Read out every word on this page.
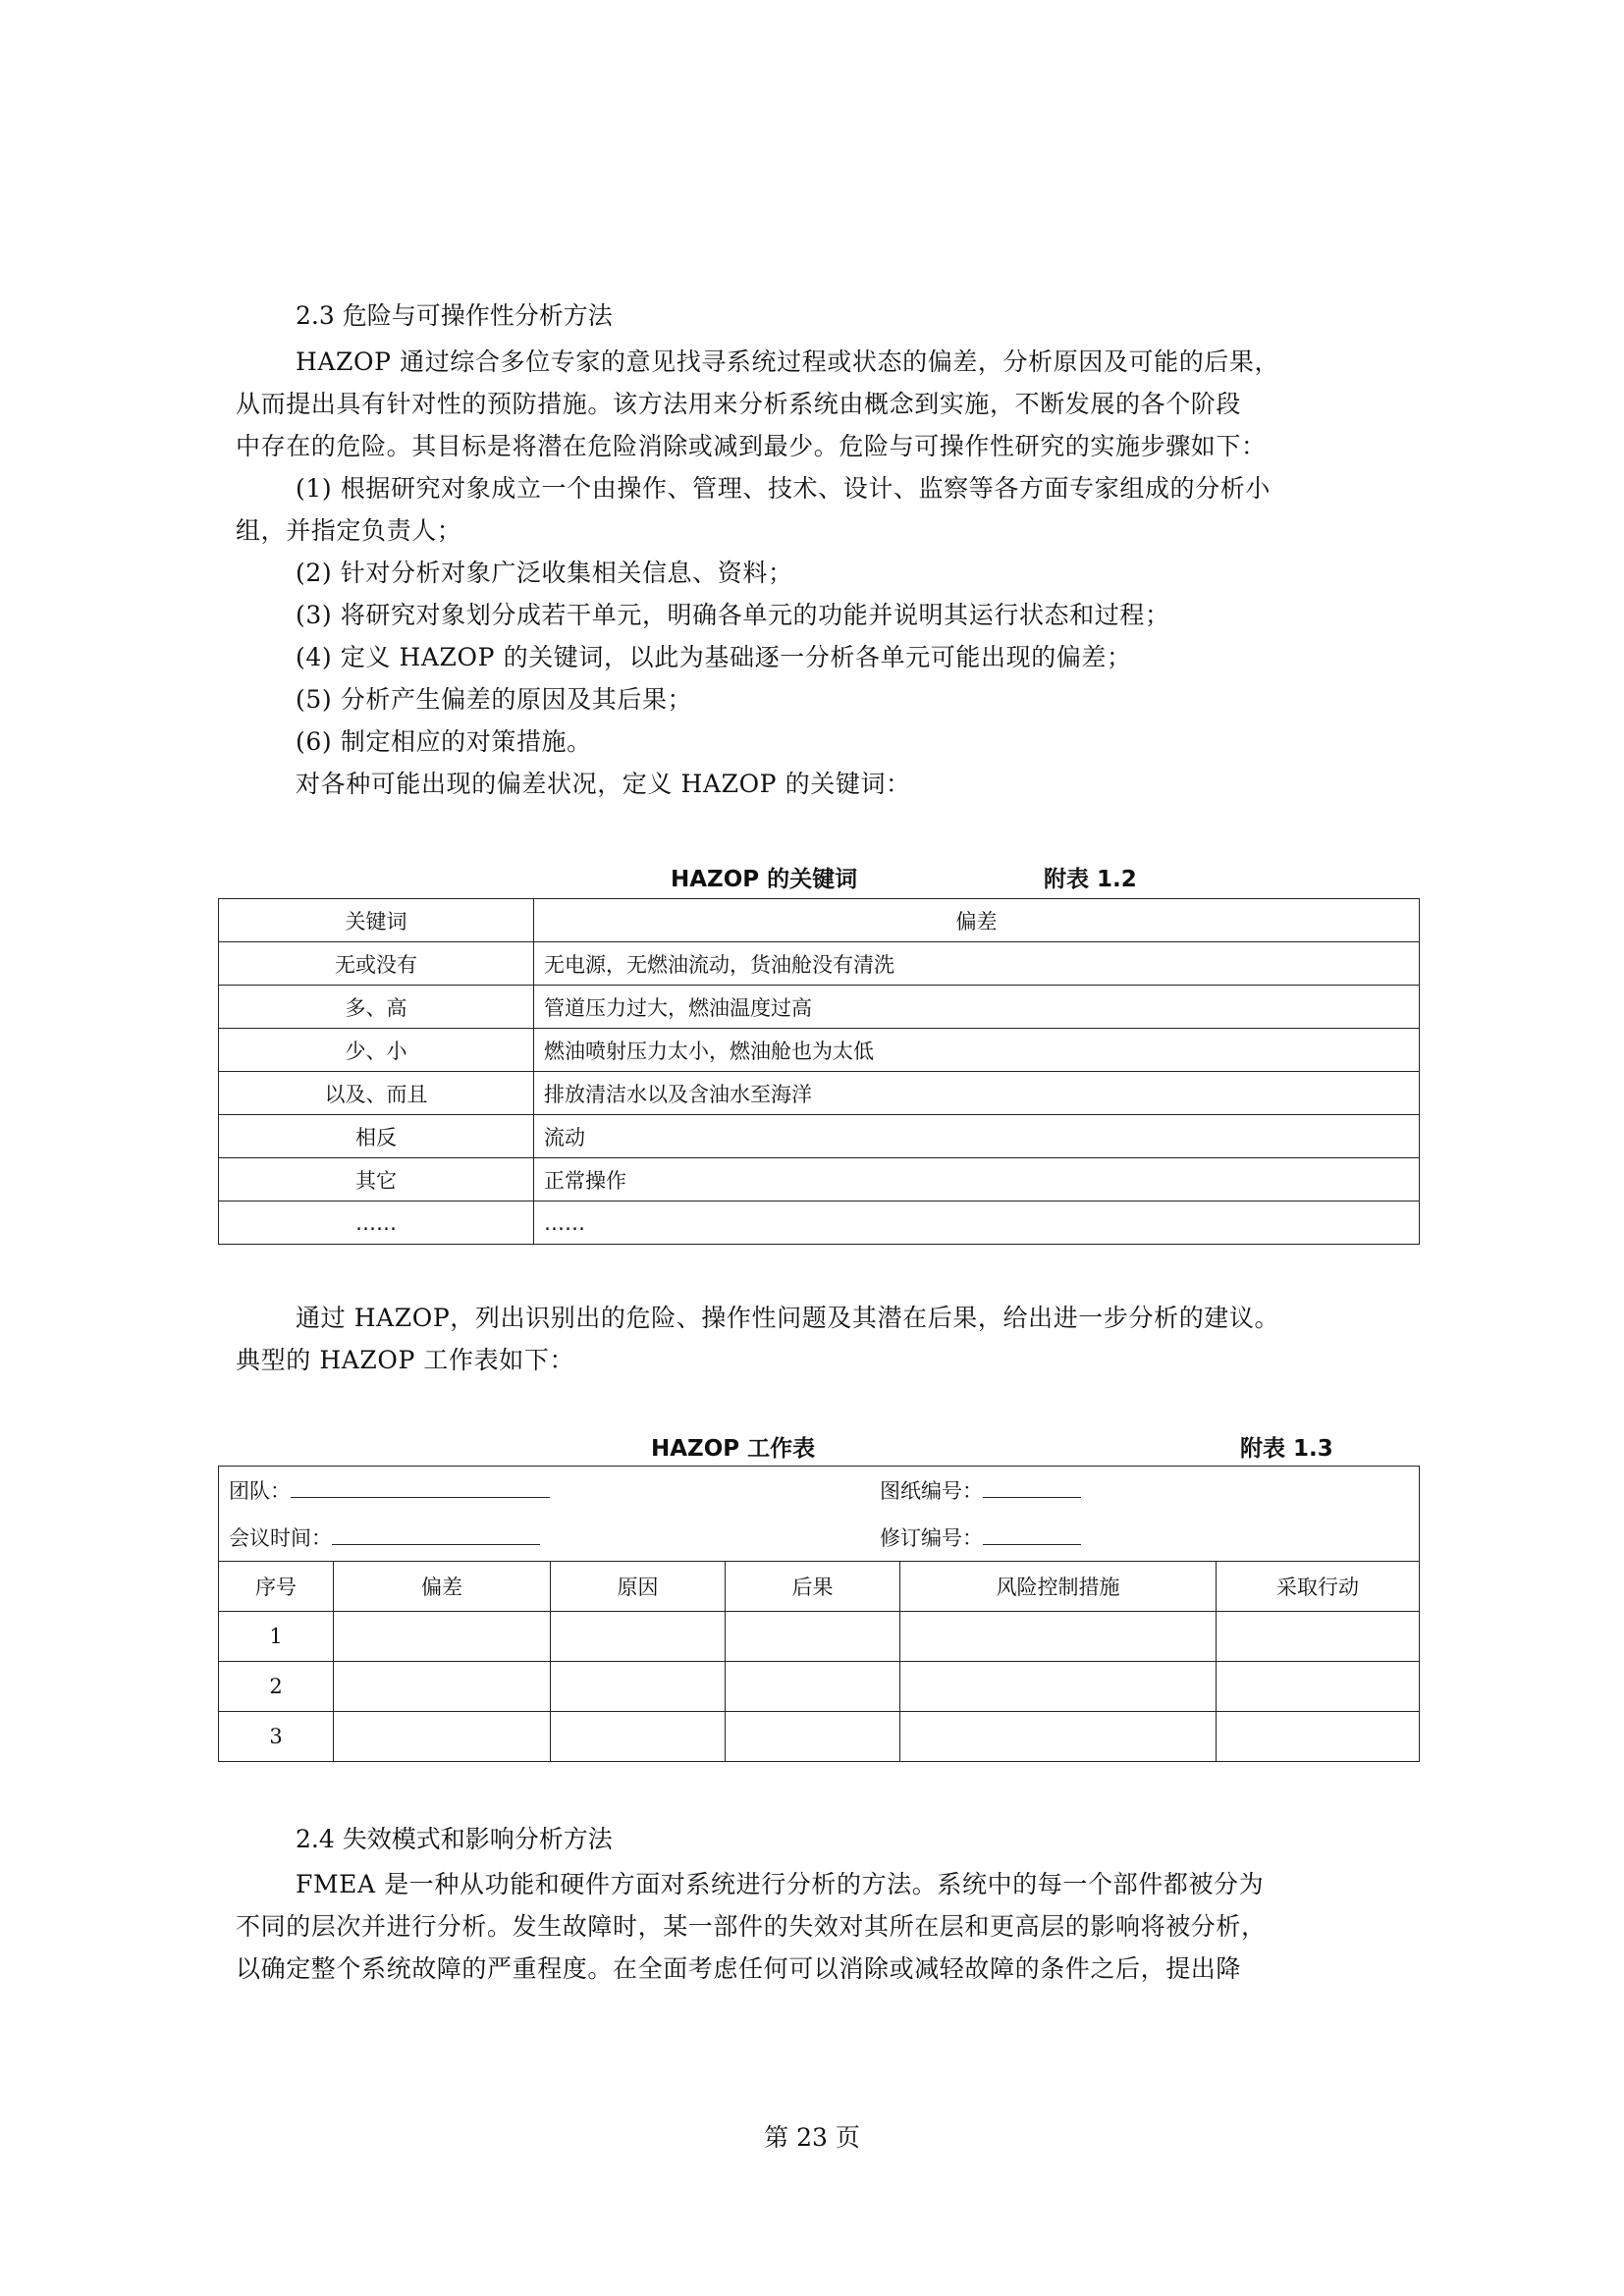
2.3 危险与可操作性分析方法
HAZOP 通过综合多位专家的意见找寻系统过程或状态的偏差，分析原因及可能的后果，
从而提出具有针对性的预防措施。该方法用来分析系统由概念到实施，不断发展的各个阶段
中存在的危险。其目标是将潜在危险消除或减到最少。危险与可操作性研究的实施步骤如下：
(1) 根据研究对象成立一个由操作、管理、技术、设计、监察等各方面专家组成的分析小
组，并指定负责人；
(2) 针对分析对象广泛收集相关信息、资料；
(3) 将研究对象划分成若干单元，明确各单元的功能并说明其运行状态和过程；
(4) 定义 HAZOP 的关键词，以此为基础逐一分析各单元可能出现的偏差；
(5) 分析产生偏差的原因及其后果；
(6) 制定相应的对策措施。
对各种可能出现的偏差状况，定义 HAZOP 的关键词：
HAZOP 的关键词	附表 1.2
关键词	偏差
无或没有	无电源，无燃油流动，货油舱没有清洗
多、高	管道压力过大，燃油温度过高
少、小	燃油喷射压力太小，燃油舱也为太低
以及、而且	排放清洁水以及含油水至海洋
相反	流动
其它	正常操作
……	……
通过 HAZOP，列出识别出的危险、操作性问题及其潜在后果，给出进一步分析的建议。
典型的 HAZOP 工作表如下：
HAZOP 工作表	附表 1.3
团队： 图纸编号：					

会议时间： 修订编号：					

序号	偏差	原因	后果	风险控制措施	采取行动
1					
2					
3					
2.4 失效模式和影响分析方法
FMEA 是一种从功能和硬件方面对系统进行分析的方法。系统中的每一个部件都被分为
不同的层次并进行分析。发生故障时，某一部件的失效对其所在层和更高层的影响将被分析，
以确定整个系统故障的严重程度。在全面考虑任何可以消除或减轻故障的条件之后，提出降
第 23 页
